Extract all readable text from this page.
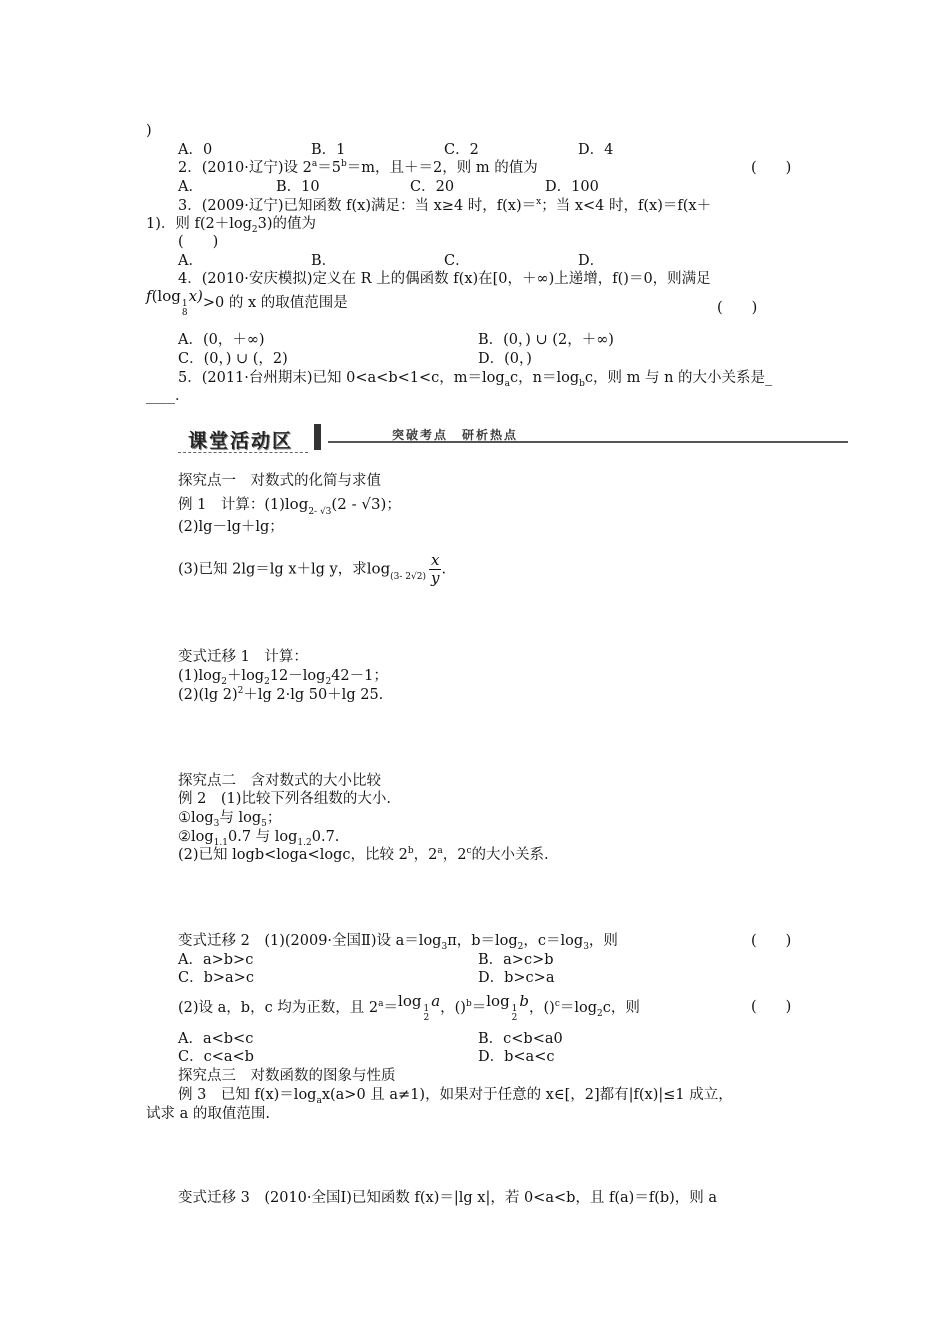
)
A．0	B．1	C．2	D．4
2．(2010·辽宁)设 $2^a=5^b=m$，且＋＝2，则 m 的值为	(　　)
A．	B．10	C．20	D．100
3．(2009·辽宁)已知函数 f(x)满足：当 x≥4 时，f(x)＝$^x$；当 x<4 时，f(x)＝f(x＋
1)．则 $f(2+\log_23)$的值为
(　　)
A．	B．	C．	D．
4．(2010·安庆模拟)定义在 R 上的偶函数 f(x)在[0，＋∞)上递增，f()＝0，则满足
f(log 1
8
x)>0 的 x 的取值范围是	(　　)
A．(0，＋∞)	B．(0，) ∪ (2，＋∞)
C．(0，) ∪ (，2)	D．(0，)
5．(2011·台州期末)已知 0<a<b<1<c，$m=\log_ac$，$n=\log_bc$，则 m 与 n 的大小关系是_
____．
课堂活动区	突破考点　研析热点
探究点一　对数式的化简与求值
例 1　计算：$(1)\log_{2- √3}(2 - √3)$；
(2)lg－lg＋lg；
(3)已知 2lg＝lg x＋lg y，求$\log_{(3- 2√2)} \frac{x}{y}$ .
变式迁移 1　计算：
$(1)\log_2+\log_212-\log_242-1$；
(2)(lg 2)$^2$＋lg 2·lg 50＋lg 25.
探究点二　含对数式的大小比较
例 2　(1)比较下列各组数的大小.
$①\log_3$与 $\log_5$；
$②\log_{1.1}0.7$ 与 $\log_{1.2}0.7$.
(2)已知 logb<loga<logc，比较 2$^b$，2$^a$，2$^c$的大小关系.
变式迁移 2　(1)(2009·全国Ⅱ)设 $a=\log_3\pi$，$b=\log_2$，$c=\log_3$，则	(　　)
A．a>b>c	B．a>c>b
C．b>a>c	D．b>c>a
(2)设 a，b，c 均为正数，且 $2^a=\log$ 1
2
a，()$^b$＝log 1
2
b，$()^c=\log_2c$，则	(　　)
A．a<b<c	B．c<b<a0
C．c<a<b	D．b<a<c
探究点三　对数函数的图象与性质
例 3　已知 $f(x)=\log_ax(a>0$ 且 a≠1)，如果对于任意的 x∈[，2]都有|f(x)|≤1 成立，
试求 a 的取值范围.
变式迁移 3　(2010·全国Ⅰ)已知函数 f(x)＝|lg x|，若 0<a<b，且 f(a)＝f(b)，则 a
